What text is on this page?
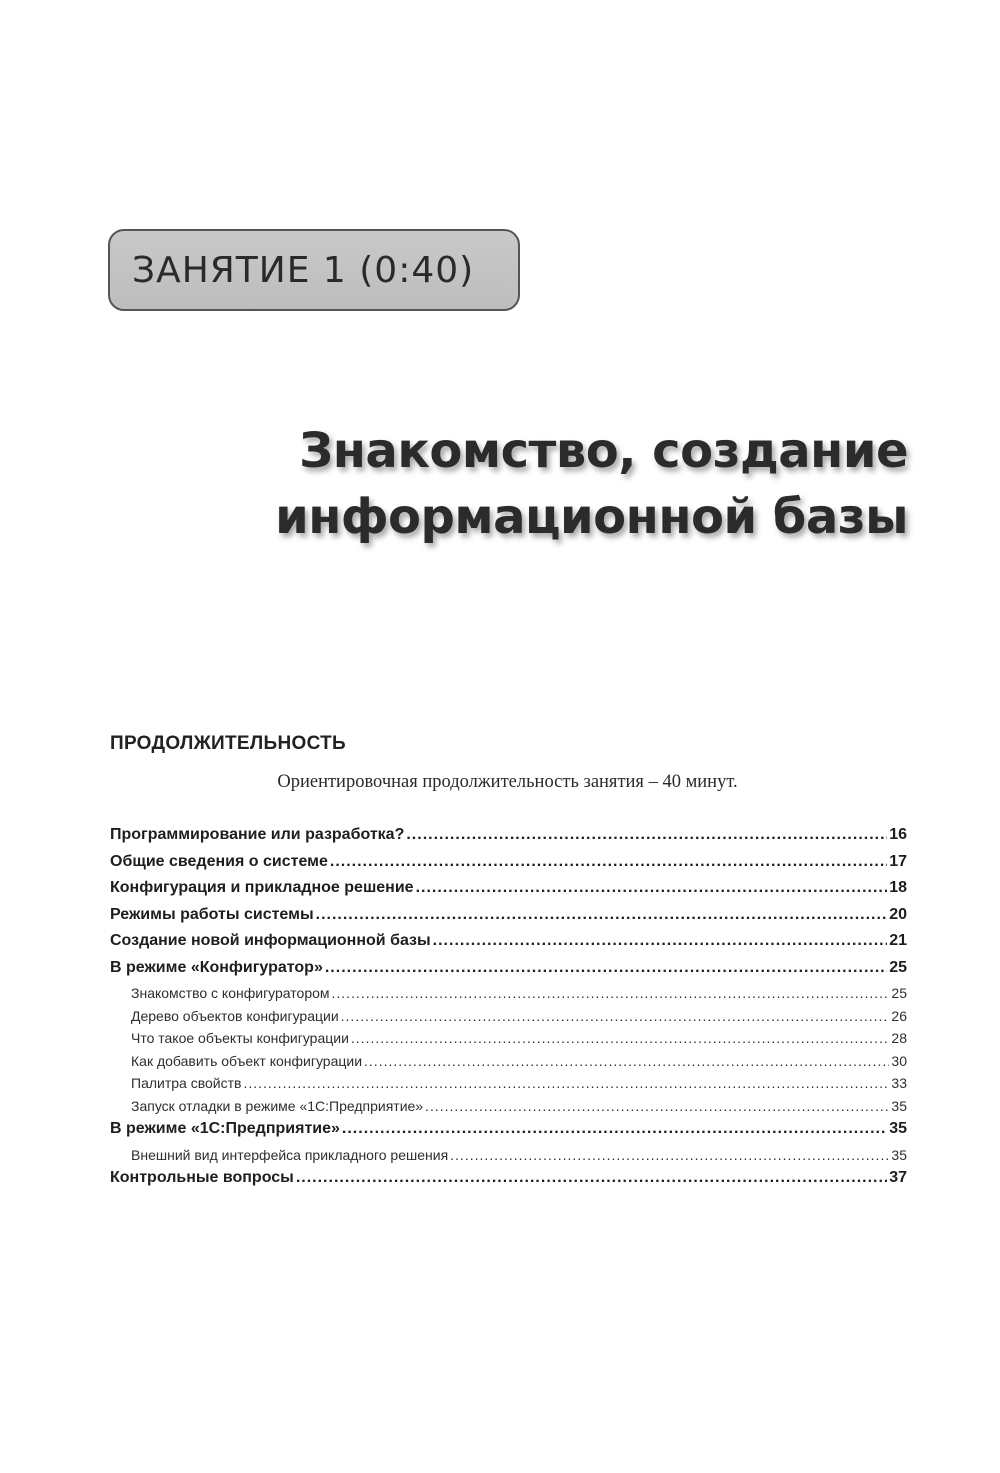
ЗАНЯТИЕ 1 (0:40)
Знакомство, создание
информационной базы
ПРОДОЛЖИТЕЛЬНОСТЬ
Ориентировочная продолжительность занятия – 40 минут.
Программирование или разработка? .....	16
Общие сведения о системе .....	17
Конфигурация и прикладное решение .....	18
Режимы работы системы .....	20
Создание новой информационной базы .....	21
В режиме «Конфигуратор» .....	25
Знакомство с конфигуратором .....	25
Дерево объектов конфигурации .....	26
Что такое объекты конфигурации .....	28
Как добавить объект конфигурации .....	30
Палитра свойств .....	33
Запуск отладки в режиме «1С:Предприятие» .....	35
В режиме «1С:Предприятие» .....	35
Внешний вид интерфейса прикладного решения .....	35
Контрольные вопросы .....	37
